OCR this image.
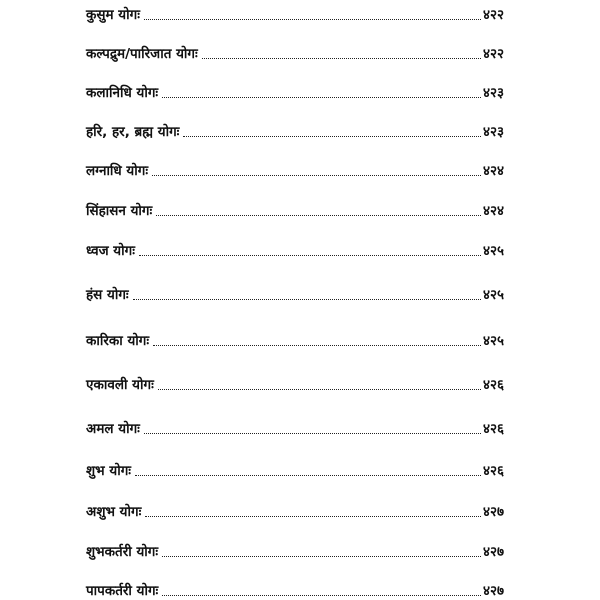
कुसुम योगः	४२२
कल्पद्रुम/पारिजात योगः	४२२
कलानिधि योगः	४२३
हरि, हर, ब्रह्म योगः	४२३
लग्नाधि योगः	४२४
सिंहासन योगः	४२४
ध्वज योगः	४२५
हंस योगः	४२५
कारिका योगः	४२५
एकावली योगः	४२६
अमल योगः	४२६
शुभ योगः	४२६
अशुभ योगः	४२७
शुभकर्तरी योगः	४२७
पापकर्तरी योगः	४२७
